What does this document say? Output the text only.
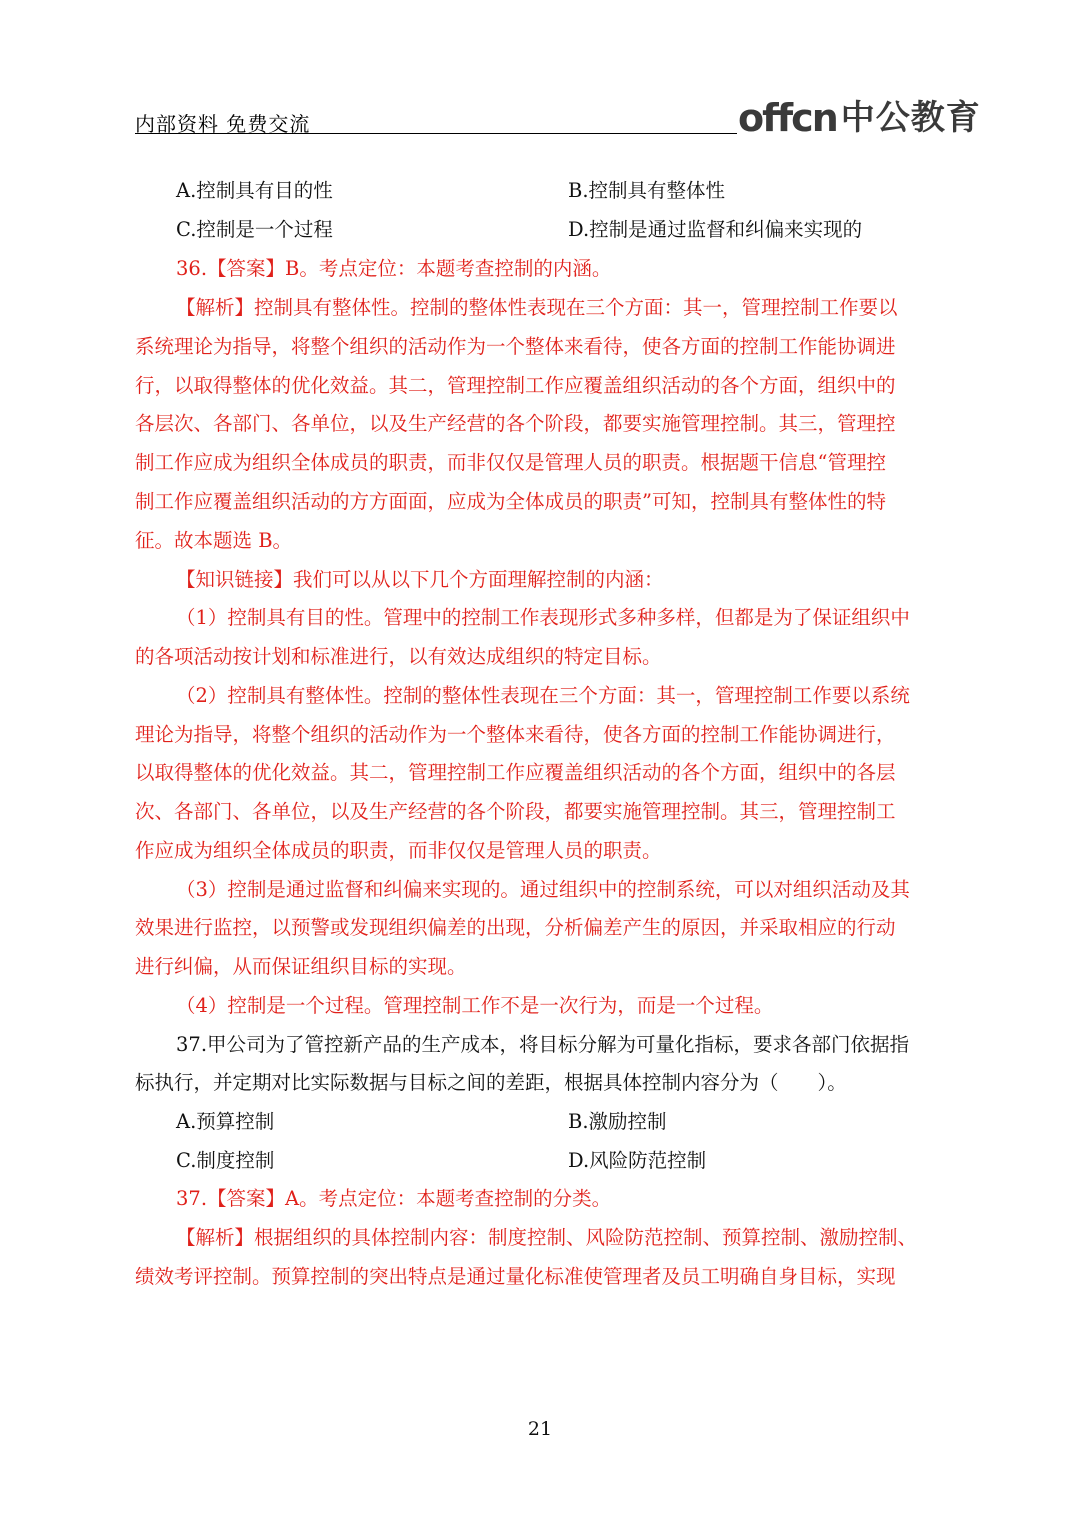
内部资料 免费交流	offcn 中公教育
A.控制具有目的性	B.控制具有整体性
C.控制是一个过程	D.控制是通过监督和纠偏来实现的
36.【答案】B。考点定位：本题考查控制的内涵。
【解析】控制具有整体性。控制的整体性表现在三个方面：其一，管理控制工作要以
系统理论为指导，将整个组织的活动作为一个整体来看待，使各方面的控制工作能协调进
行，以取得整体的优化效益。其二，管理控制工作应覆盖组织活动的各个方面，组织中的
各层次、各部门、各单位，以及生产经营的各个阶段，都要实施管理控制。其三，管理控
制工作应成为组织全体成员的职责，而非仅仅是管理人员的职责。根据题干信息“管理控
制工作应覆盖组织活动的方方面面，应成为全体成员的职责”可知，控制具有整体性的特
征。故本题选 B。
【知识链接】我们可以从以下几个方面理解控制的内涵：
（1）控制具有目的性。管理中的控制工作表现形式多种多样，但都是为了保证组织中
的各项活动按计划和标准进行，以有效达成组织的特定目标。
（2）控制具有整体性。控制的整体性表现在三个方面：其一，管理控制工作要以系统
理论为指导，将整个组织的活动作为一个整体来看待，使各方面的控制工作能协调进行，
以取得整体的优化效益。其二，管理控制工作应覆盖组织活动的各个方面，组织中的各层
次、各部门、各单位，以及生产经营的各个阶段，都要实施管理控制。其三，管理控制工
作应成为组织全体成员的职责，而非仅仅是管理人员的职责。
（3）控制是通过监督和纠偏来实现的。通过组织中的控制系统，可以对组织活动及其
效果进行监控，以预警或发现组织偏差的出现，分析偏差产生的原因，并采取相应的行动
进行纠偏，从而保证组织目标的实现。
（4）控制是一个过程。管理控制工作不是一次行为，而是一个过程。
37.甲公司为了管控新产品的生产成本，将目标分解为可量化指标，要求各部门依据指
标执行，并定期对比实际数据与目标之间的差距，根据具体控制内容分为（　　）。
A.预算控制	B.激励控制
C.制度控制	D.风险防范控制
37.【答案】A。考点定位：本题考查控制的分类。
【解析】根据组织的具体控制内容：制度控制、风险防范控制、预算控制、激励控制、
绩效考评控制。预算控制的突出特点是通过量化标准使管理者及员工明确自身目标，实现
21
